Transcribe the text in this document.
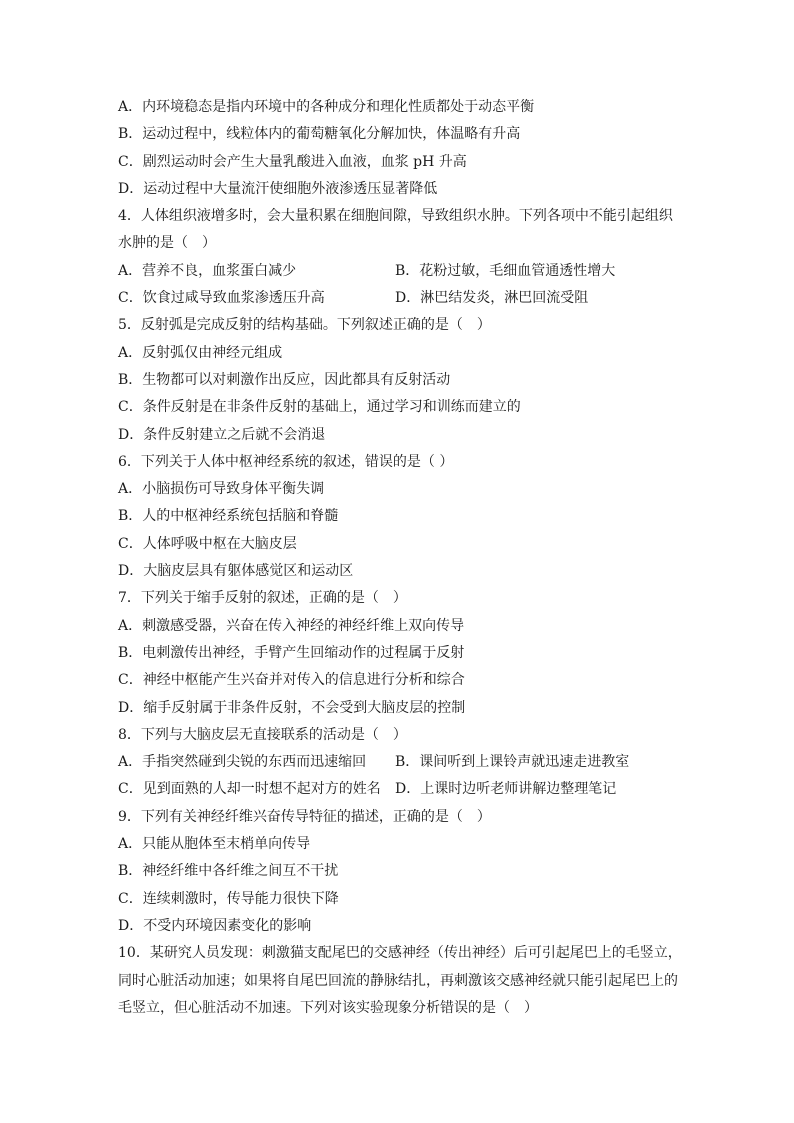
A．内环境稳态是指内环境中的各种成分和理化性质都处于动态平衡
B．运动过程中，线粒体内的葡萄糖氧化分解加快，体温略有升高
C．剧烈运动时会产生大量乳酸进入血液，血浆 pH 升高
D．运动过程中大量流汗使细胞外液渗透压显著降低
4．人体组织液增多时，会大量积累在细胞间隙，导致组织水肿。下列各项中不能引起组织
水肿的是（　）
A．营养不良，血浆蛋白减少	B．花粉过敏，毛细血管通透性增大
C．饮食过咸导致血浆渗透压升高	D．淋巴结发炎，淋巴回流受阻
5．反射弧是完成反射的结构基础。下列叙述正确的是（　）
A．反射弧仅由神经元组成
B．生物都可以对刺激作出反应，因此都具有反射活动
C．条件反射是在非条件反射的基础上，通过学习和训练而建立的
D．条件反射建立之后就不会消退
6．下列关于人体中枢神经系统的叙述，错误的是（ ）
A．小脑损伤可导致身体平衡失调
B．人的中枢神经系统包括脑和脊髓
C．人体呼吸中枢在大脑皮层
D．大脑皮层具有躯体感觉区和运动区
7．下列关于缩手反射的叙述，正确的是（　）
A．刺激感受器，兴奋在传入神经的神经纤维上双向传导
B．电刺激传出神经，手臂产生回缩动作的过程属于反射
C．神经中枢能产生兴奋并对传入的信息进行分析和综合
D．缩手反射属于非条件反射，不会受到大脑皮层的控制
8．下列与大脑皮层无直接联系的活动是（　）
A．手指突然碰到尖锐的东西而迅速缩回	B．课间听到上课铃声就迅速走进教室
C．见到面熟的人却一时想不起对方的姓名	D．上课时边听老师讲解边整理笔记
9．下列有关神经纤维兴奋传导特征的描述，正确的是（　）
A．只能从胞体至末梢单向传导
B．神经纤维中各纤维之间互不干扰
C．连续刺激时，传导能力很快下降
D．不受内环境因素变化的影响
10．某研究人员发现：刺激猫支配尾巴的交感神经（传出神经）后可引起尾巴上的毛竖立，
同时心脏活动加速；如果将自尾巴回流的静脉结扎，再刺激该交感神经就只能引起尾巴上的
毛竖立，但心脏活动不加速。下列对该实验现象分析错误的是（　）
